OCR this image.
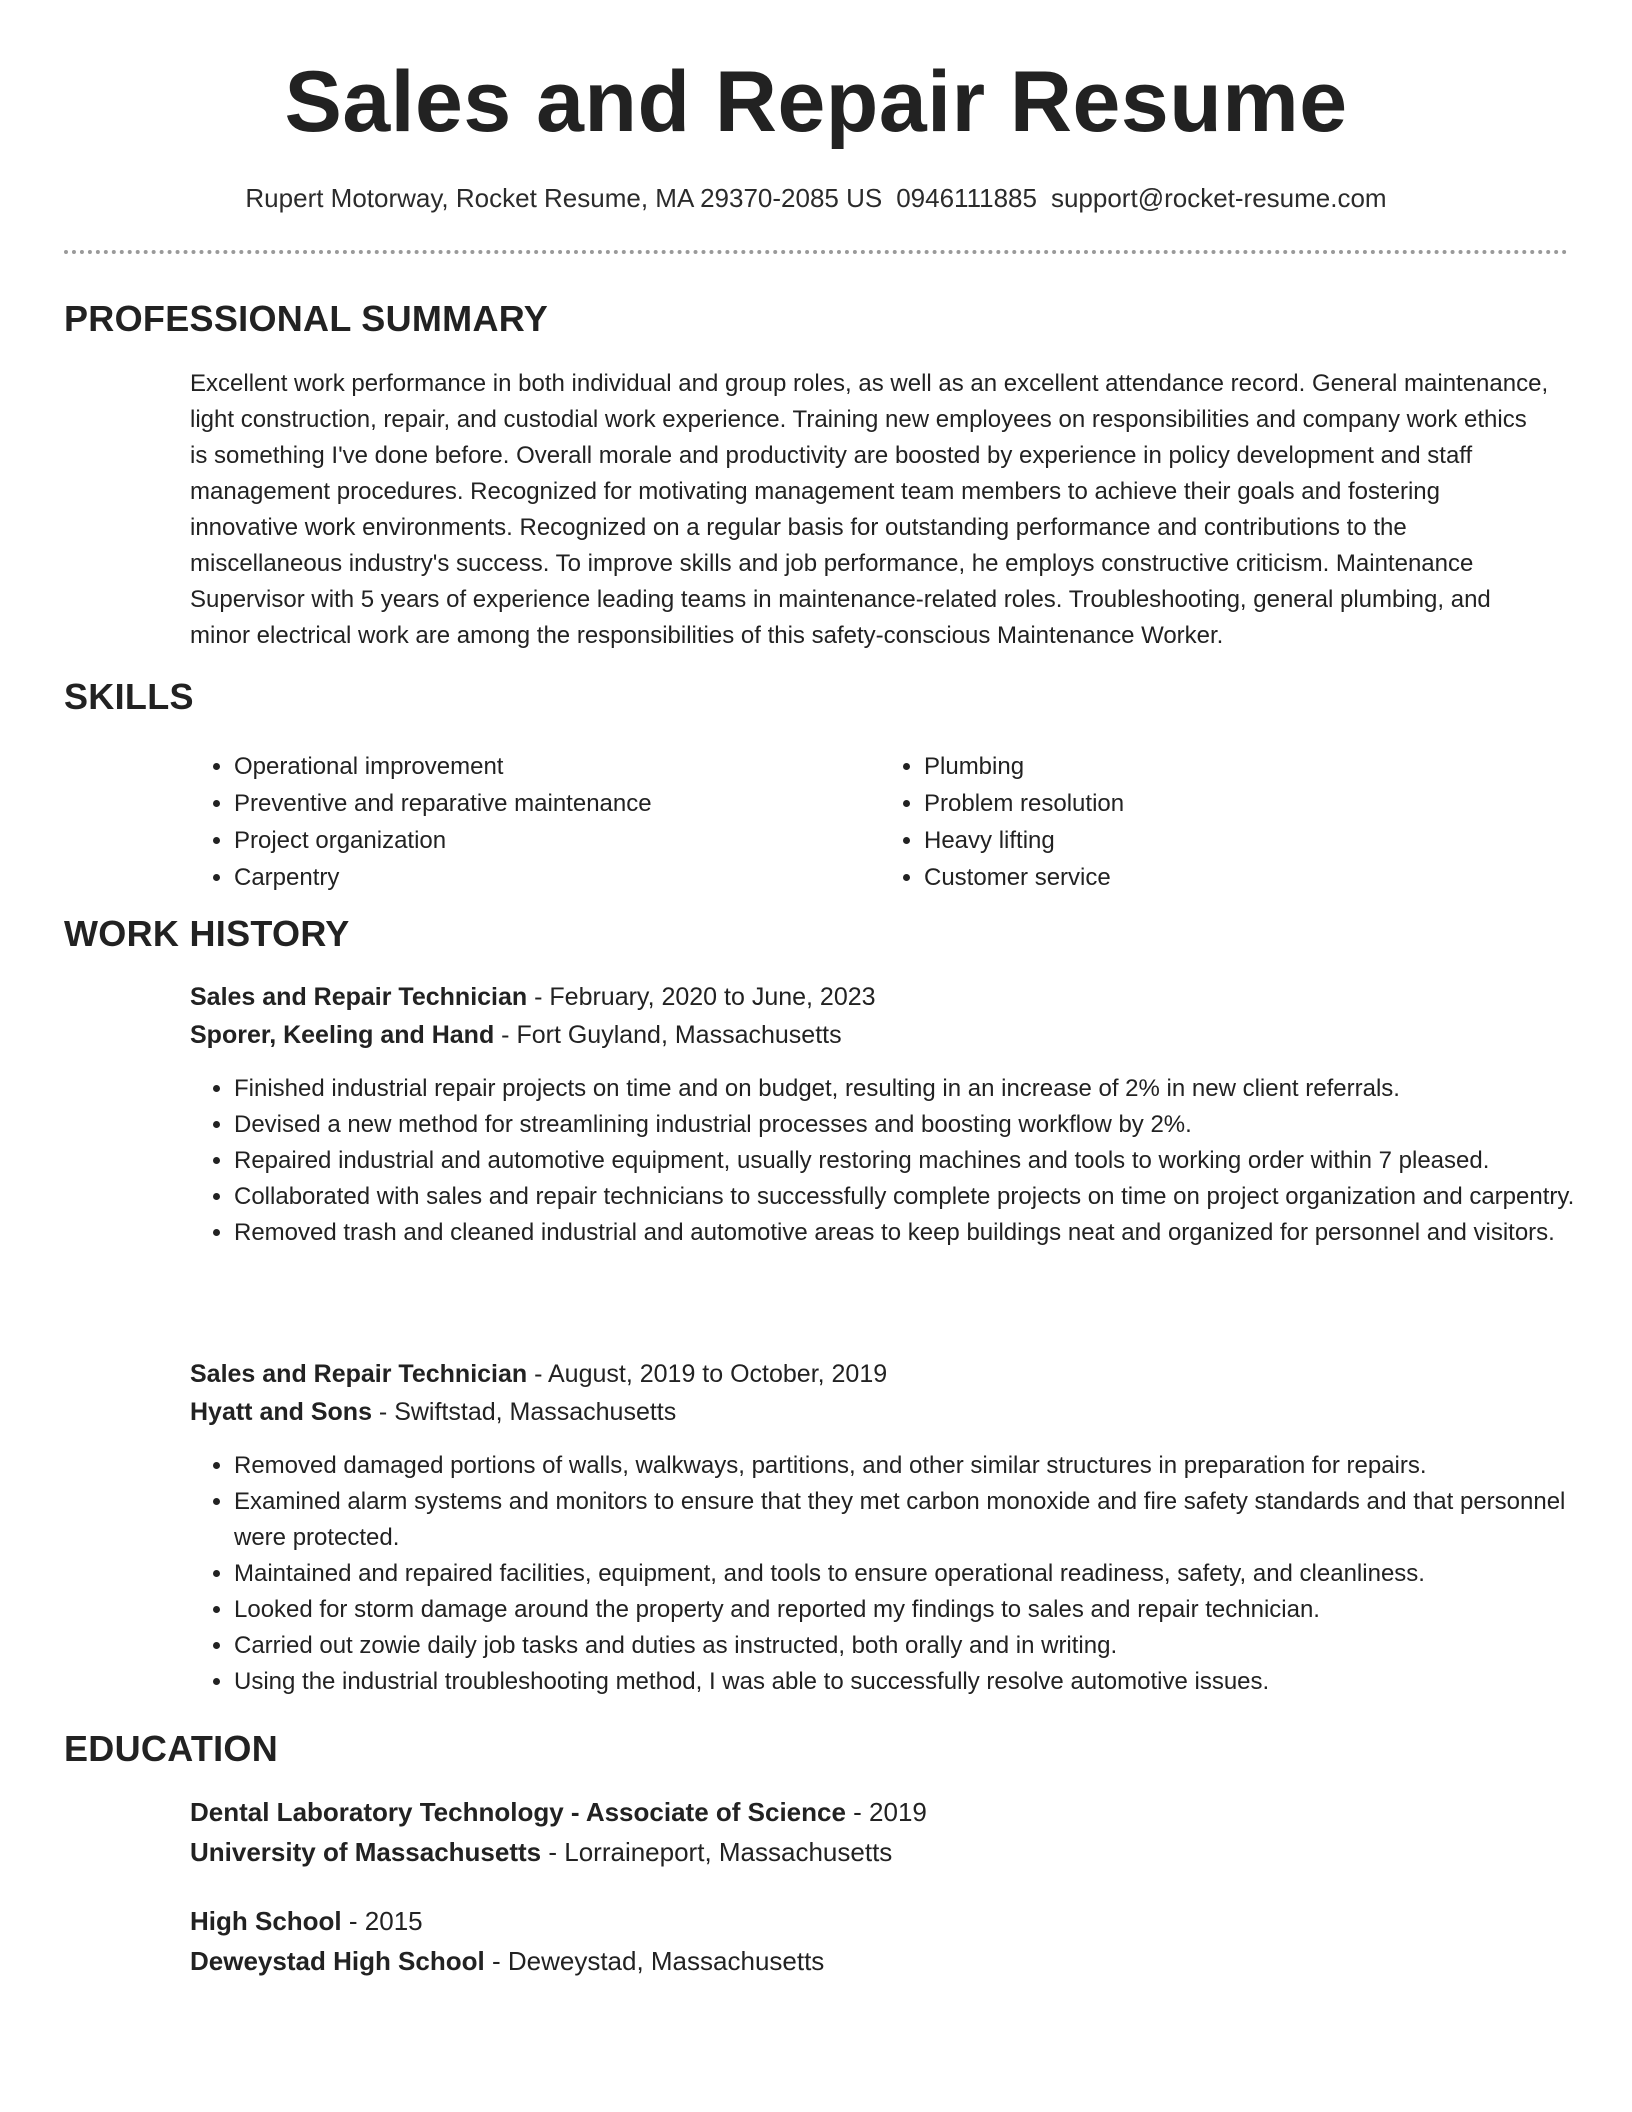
Sales and Repair Resume
Rupert Motorway, Rocket Resume, MA 29370-2085 US 0946111885 support@rocket-resume.com
PROFESSIONAL SUMMARY

Excellent work performance in both individual and group roles, as well as an excellent attendance record. General maintenance, light construction, repair, and custodial work experience. Training new employees on responsibilities and company work ethics is something I've done before. Overall morale and productivity are boosted by experience in policy development and staff management procedures. Recognized for motivating management team members to achieve their goals and fostering innovative work environments. Recognized on a regular basis for outstanding performance and contributions to the miscellaneous industry's success. To improve skills and job performance, he employs constructive criticism. Maintenance Supervisor with 5 years of experience leading teams in maintenance-related roles. Troubleshooting, general plumbing, and minor electrical work are among the responsibilities of this safety-conscious Maintenance Worker.

SKILLS
• Operational improvement
• Preventive and reparative maintenance
• Project organization
• Carpentry
• Plumbing
• Problem resolution
• Heavy lifting
• Customer service
WORK HISTORY
Sales and Repair Technician - February, 2020 to June, 2023
Sporer, Keeling and Hand - Fort Guyland, Massachusetts
• Finished industrial repair projects on time and on budget, resulting in an increase of 2% in new client referrals.
• Devised a new method for streamlining industrial processes and boosting workflow by 2%.
• Repaired industrial and automotive equipment, usually restoring machines and tools to working order within 7 pleased.
• Collaborated with sales and repair technicians to successfully complete projects on time on project organization and carpentry.
• Removed trash and cleaned industrial and automotive areas to keep buildings neat and organized for personnel and visitors.
Sales and Repair Technician - August, 2019 to October, 2019
Hyatt and Sons - Swiftstad, Massachusetts
• Removed damaged portions of walls, walkways, partitions, and other similar structures in preparation for repairs.
• Examined alarm systems and monitors to ensure that they met carbon monoxide and fire safety standards and that personnel were protected.
• Maintained and repaired facilities, equipment, and tools to ensure operational readiness, safety, and cleanliness.
• Looked for storm damage around the property and reported my findings to sales and repair technician.
• Carried out zowie daily job tasks and duties as instructed, both orally and in writing.
• Using the industrial troubleshooting method, I was able to successfully resolve automotive issues.
EDUCATION
Dental Laboratory Technology - Associate of Science - 2019
University of Massachusetts - Lorraineport, Massachusetts
High School - 2015
Deweystad High School - Deweystad, Massachusetts
